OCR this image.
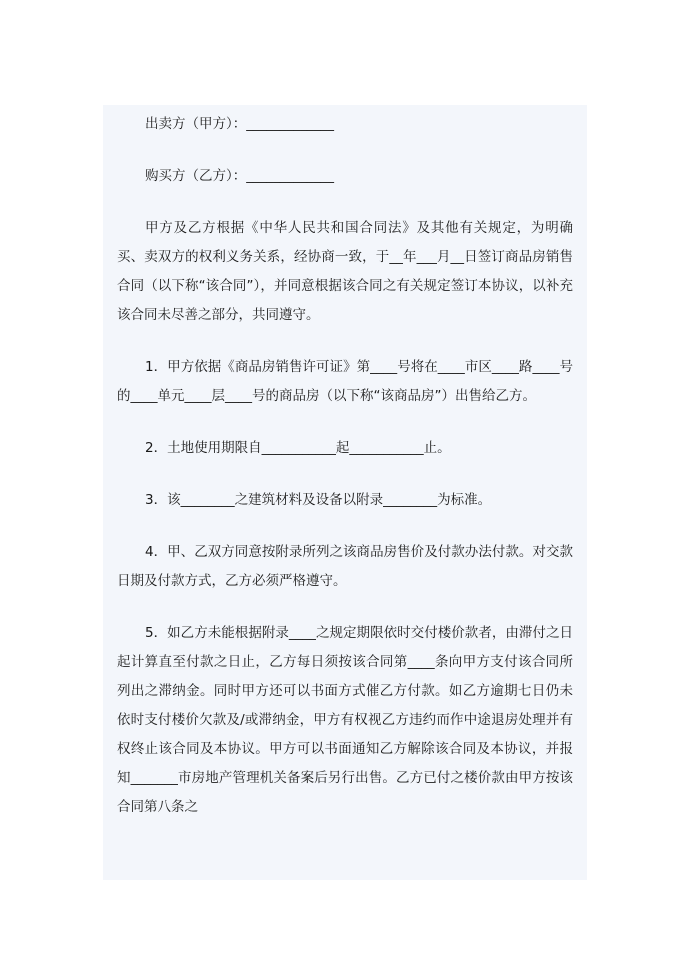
出卖方（甲方）：_____________

购买方（乙方）：_____________

甲方及乙方根据《中华人民共和国合同法》及其他有关规定，为明确买、卖双方的权利义务关系，经协商一致，于__年___月__日签订商品房销售合同（以下称“该合同”），并同意根据该合同之有关规定签订本协议，以补充该合同未尽善之部分，共同遵守。

1．甲方依据《商品房销售许可证》第____号将在____市区____路____号的____单元____层____号的商品房（以下称“该商品房”）出售给乙方。

2．土地使用期限自___________起___________止。

3．该________之建筑材料及设备以附录________为标准。

4．甲、乙双方同意按附录所列之该商品房售价及付款办法付款。对交款日期及付款方式，乙方必须严格遵守。

5．如乙方未能根据附录____之规定期限依时交付楼价款者，由滞付之日起计算直至付款之日止，乙方每日须按该合同第____条向甲方支付该合同所列出之滞纳金。同时甲方还可以书面方式催乙方付款。如乙方逾期七日仍未依时支付楼价欠款及/或滞纳金，甲方有权视乙方违约而作中途退房处理并有权终止该合同及本协议。甲方可以书面通知乙方解除该合同及本协议，并报知_______市房地产管理机关备案后另行出售。乙方已付之楼价款由甲方按该合同第八条之
